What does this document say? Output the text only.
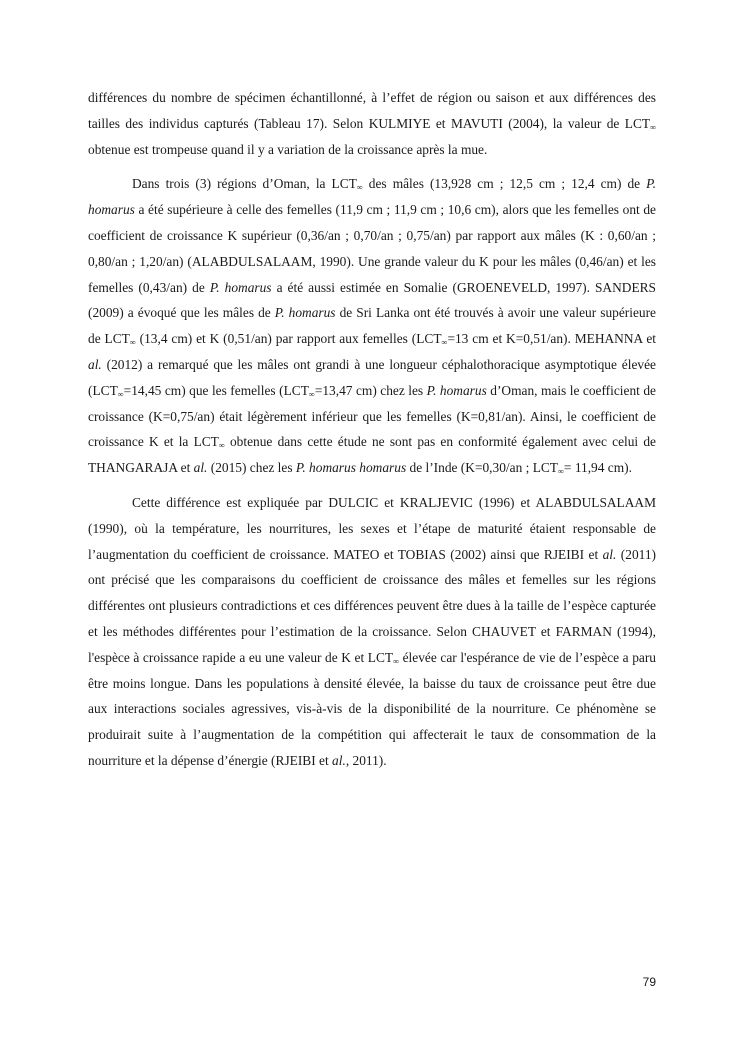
différences du nombre de spécimen échantillonné, à l’effet de région ou saison et aux différences des tailles des individus capturés (Tableau 17). Selon KULMIYE et MAVUTI (2004), la valeur de $LCT_\infty$ obtenue est trompeuse quand il y a variation de la croissance après la mue.

Dans trois (3) régions d’Oman, la $LCT_\infty$ des mâles (13,928 cm ; 12,5 cm ; 12,4 cm) de P. homarus a été supérieure à celle des femelles (11,9 cm ; 11,9 cm ; 10,6 cm), alors que les femelles ont de coefficient de croissance K supérieur (0,36/an ; 0,70/an ; 0,75/an) par rapport aux mâles (K : 0,60/an ; 0,80/an ; 1,20/an) (ALABDULSALAAM, 1990). Une grande valeur du K pour les mâles (0,46/an) et les femelles (0,43/an) de P. homarus a été aussi estimée en Somalie (GROENEVELD, 1997). SANDERS (2009) a évoqué que les mâles de P. homarus de Sri Lanka ont été trouvés à avoir une valeur supérieure de $LCT_\infty$ (13,4 cm) et K (0,51/an) par rapport aux femelles ($LCT_\infty=13$ cm et K=0,51/an). MEHANNA et al. (2012) a remarqué que les mâles ont grandi à une longueur céphalothoracique asymptotique élevée ($LCT_\infty=14,45$ cm) que les femelles ($LCT_\infty=13,47$ cm) chez les P. homarus d’Oman, mais le coefficient de croissance (K=0,75/an) était légèrement inférieur que les femelles (K=0,81/an). Ainsi, le coefficient de croissance K et la $LCT_\infty$ obtenue dans cette étude ne sont pas en conformité également avec celui de THANGARAJA et al. (2015) chez les P. homarus homarus de l’Inde (K=0,30/an ; $LCT_\infty= 11,94$ cm).

Cette différence est expliquée par DULCIC et KRALJEVIC (1996) et ALABDULSALAAM (1990), où la température, les nourritures, les sexes et l’étape de maturité étaient responsable de l’augmentation du coefficient de croissance. MATEO et TOBIAS (2002) ainsi que RJEIBI et al. (2011) ont précisé que les comparaisons du coefficient de croissance des mâles et femelles sur les régions différentes ont plusieurs contradictions et ces différences peuvent être dues à la taille de l’espèce capturée et les méthodes différentes pour l’estimation de la croissance. Selon CHAUVET et FARMAN (1994), l'espèce à croissance rapide a eu une valeur de K et $LCT_\infty$ élevée car l'espérance de vie de l’espèce a paru être moins longue. Dans les populations à densité élevée, la baisse du taux de croissance peut être due aux interactions sociales agressives, vis-à-vis de la disponibilité de la nourriture. Ce phénomène se produirait suite à l’augmentation de la compétition qui affecterait le taux de consommation de la nourriture et la dépense d’énergie (RJEIBI et al., 2011).

79
